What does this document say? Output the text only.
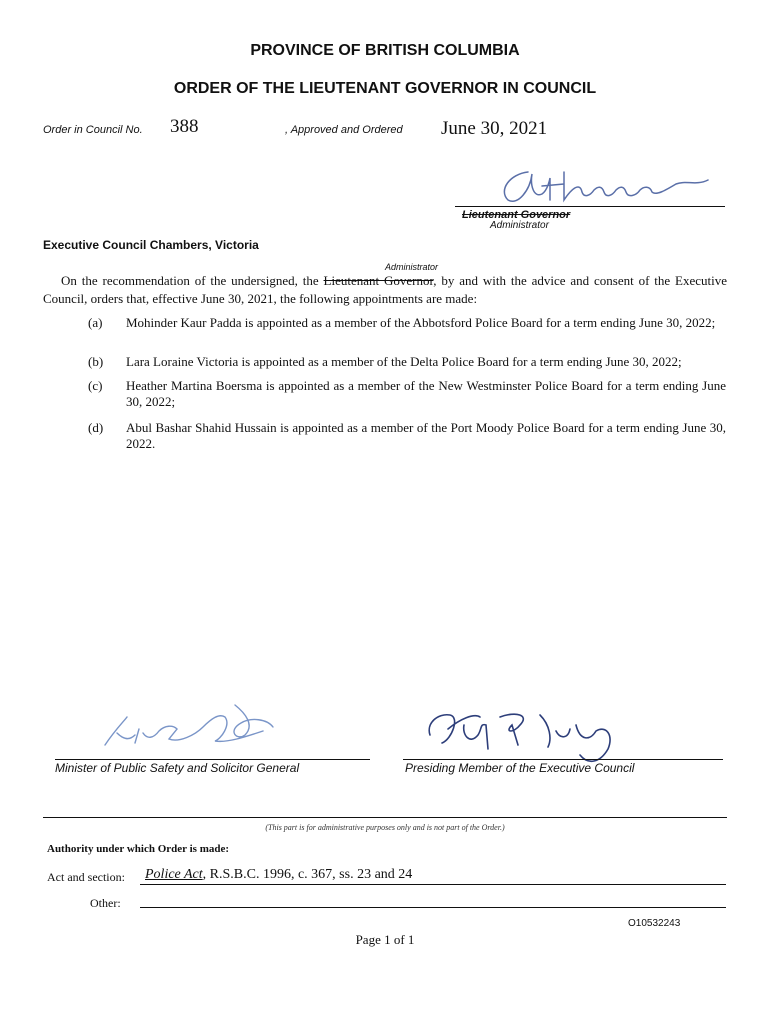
PROVINCE OF BRITISH COLUMBIA
ORDER OF THE LIEUTENANT GOVERNOR IN COUNCIL
Order in Council No. 388	, Approved and Ordered June 30, 2021
Lieutenant Governor
Administrator
Executive Council Chambers, Victoria
Administrator
On the recommendation of the undersigned, the Lieutenant Governor, by and with the advice and consent of the Executive Council, orders that, effective June 30, 2021, the following appointments are made:
(a) Mohinder Kaur Padda is appointed as a member of the Abbotsford Police Board for a term ending June 30, 2022;
(b) Lara Loraine Victoria is appointed as a member of the Delta Police Board for a term ending June 30, 2022;
(c) Heather Martina Boersma is appointed as a member of the New Westminster Police Board for a term ending June 30, 2022;
(d) Abul Bashar Shahid Hussain is appointed as a member of the Port Moody Police Board for a term ending June 30, 2022.
Minister of Public Safety and Solicitor General	Presiding Member of the Executive Council
(This part is for administrative purposes only and is not part of the Order.)
Authority under which Order is made:
Act and section: Police Act, R.S.B.C. 1996, c. 367, ss. 23 and 24
Other:
O10532243
Page 1 of 1
